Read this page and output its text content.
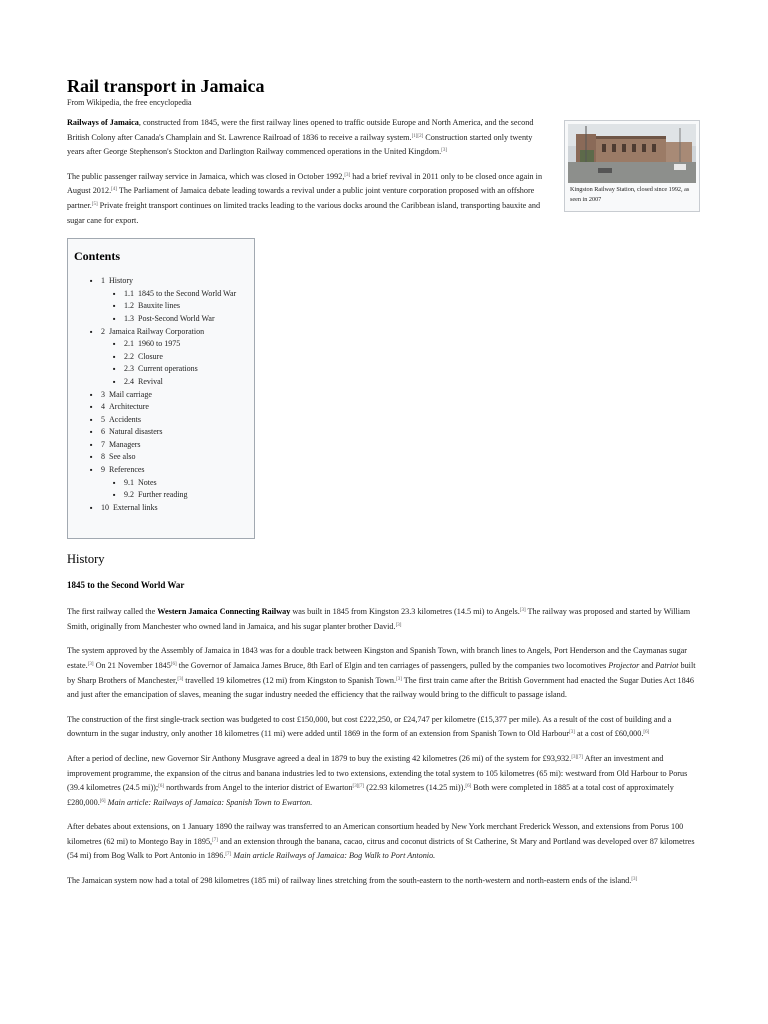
Rail transport in Jamaica
From Wikipedia, the free encyclopedia

Railways of Jamaica, constructed from 1845, were the first railway lines opened to traffic outside Europe and North America, and the second British Colony after Canada's Champlain and St. Lawrence Railroad of 1836 to receive a railway system.[1][2] Construction started only twenty years after George Stephenson's Stockton and Darlington Railway commenced operations in the United Kingdom.[3]

The public passenger railway service in Jamaica, which was closed in October 1992,[3] had a brief revival in 2011 only to be closed once again in August 2012.[4] The Parliament of Jamaica debate leading towards a revival under a public joint venture corporation proposed with an offshore partner.[5] Private freight transport continues on limited tracks leading to the various docks around the Caribbean island, transporting bauxite and sugar cane for export.

Contents
■ 1 History
■ 1.1 1845 to the Second World War
■ 1.2 Bauxite lines
■ 1.3 Post-Second World War
■ 2 Jamaica Railway Corporation
■ 2.1 1960 to 1975
■ 2.2 Closure
■ 2.3 Current operations
■ 2.4 Revival
■ 3 Mail carriage
■ 4 Architecture
■ 5 Accidents
■ 6 Natural disasters
■ 7 Managers
■ 8 See also
■ 9 References
■ 9.1 Notes
■ 9.2 Further reading
■ 10 External links
History
1845 to the Second World War

The first railway called the Western Jamaica Connecting Railway was built in 1845 from Kingston 23.3 kilometres (14.5 mi) to Angels.[3] The railway was proposed and started by William Smith, originally from Manchester who owned land in Jamaica, and his sugar planter brother David.[3]

The system approved by the Assembly of Jamaica in 1843 was for a double track between Kingston and Spanish Town, with branch lines to Angels, Port Henderson and the Caymanas sugar estate.[3] On 21 November 1845[6] the Governor of Jamaica James Bruce, 8th Earl of Elgin and ten carriages of passengers, pulled by the companies two locomotives Projector and Patriot built by Sharp Brothers of Manchester,[3] travelled 19 kilometres (12 mi) from Kingston to Spanish Town.[3] The first train came after the British Government had enacted the Sugar Duties Act 1846 and just after the emancipation of slaves, meaning the sugar industry needed the efficiency that the railway would bring to the difficult to passage island.

The construction of the first single-track section was budgeted to cost £150,000, but cost £222,250, or £24,747 per kilometre (£15,377 per mile). As a result of the cost of building and a downturn in the sugar industry, only another 18 kilometres (11 mi) were added until 1869 in the form of an extension from Spanish Town to Old Harbour[3] at a cost of £60,000.[6]

After a period of decline, new Governor Sir Anthony Musgrave agreed a deal in 1879 to buy the existing 42 kilometres (26 mi) of the system for £93,932.[3][7] After an investment and improvement programme, the expansion of the citrus and banana industries led to two extensions, extending the total system to 105 kilometres (65 mi): westward from Old Harbour to Porus (39.4 kilometres (24.5 mi));[6] northwards from Angel to the interior district of Ewarton[3][7] (22.93 kilometres (14.25 mi)).[6] Both were completed in 1885 at a total cost of approximately £280,000.[6] Main article: Railways of Jamaica: Spanish Town to Ewarton.

After debates about extensions, on 1 January 1890 the railway was transferred to an American consortium headed by New York merchant Frederick Wesson, and extensions from Porus 100 kilometres (62 mi) to Montego Bay in 1895,[7] and an extension through the banana, cacao, citrus and coconut districts of St Catherine, St Mary and Portland was developed over 87 kilometres (54 mi) from Bog Walk to Port Antonio in 1896.[7] Main article Railways of Jamaica: Bog Walk to Port Antonio.

The Jamaican system now had a total of 298 kilometres (185 mi) of railway lines stretching from the south-eastern to the north-western and north-eastern ends of the island.[3]

Kingston Railway Station, closed since 1992, as seen in 2007
